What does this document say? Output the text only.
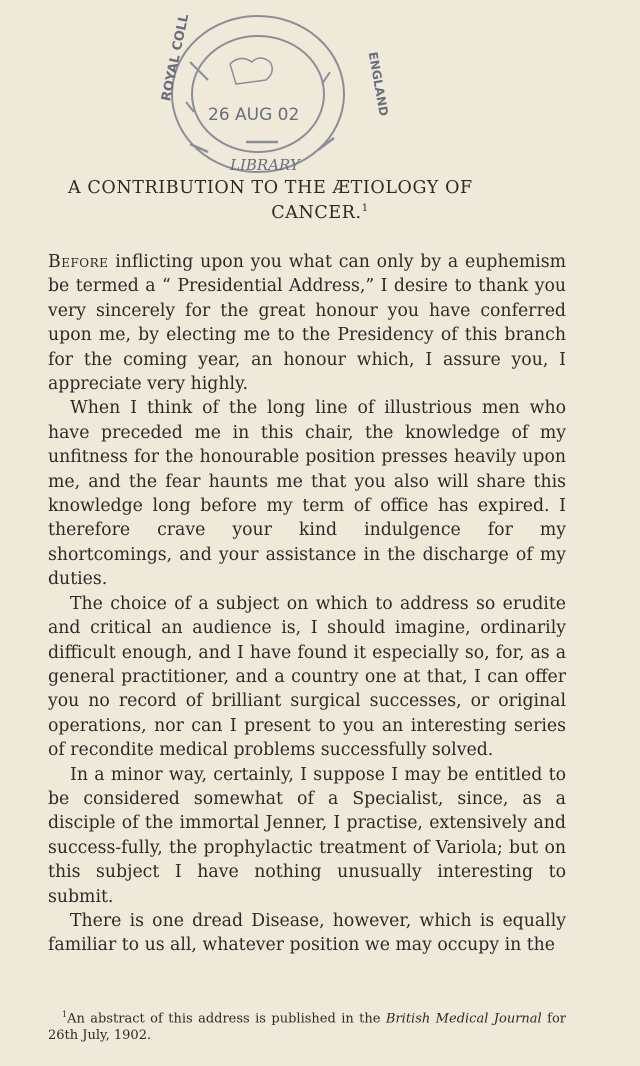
26 AUG 02
ROYAL COLL	ENGLAND
LIBRARY
A CONTRIBUTION TO THE ÆTIOLOGY OF
CANCER.$^1$

Before inflicting upon you what can only by a euphemism be termed a “ Presidential Address,” I desire to thank you very sincerely for the great honour you have conferred upon me, by electing me to the Presidency of this branch for the coming year, an honour which, I assure you, I appreciate very highly.

When I think of the long line of illustrious men who have preceded me in this chair, the knowledge of my unfitness for the honourable position presses heavily upon me, and the fear haunts me that you also will share this knowledge long before my term of office has expired. I therefore crave your kind indulgence for my shortcomings, and your assistance in the discharge of my duties.

The choice of a subject on which to address so erudite and critical an audience is, I should imagine, ordinarily difficult enough, and I have found it especially so, for, as a general practitioner, and a country one at that, I can offer you no record of brilliant surgical successes, or original operations, nor can I present to you an interesting series of recondite medical problems successfully solved.

In a minor way, certainly, I suppose I may be entitled to be considered somewhat of a Specialist, since, as a disciple of the immortal Jenner, I practise, extensively and success-fully, the prophylactic treatment of Variola; but on this subject I have nothing unusually interesting to submit.

There is one dread Disease, however, which is equally familiar to us all, whatever position we may occupy in the

$^1$An abstract of this address is published in the British Medical Journal for 26th July, 1902.
